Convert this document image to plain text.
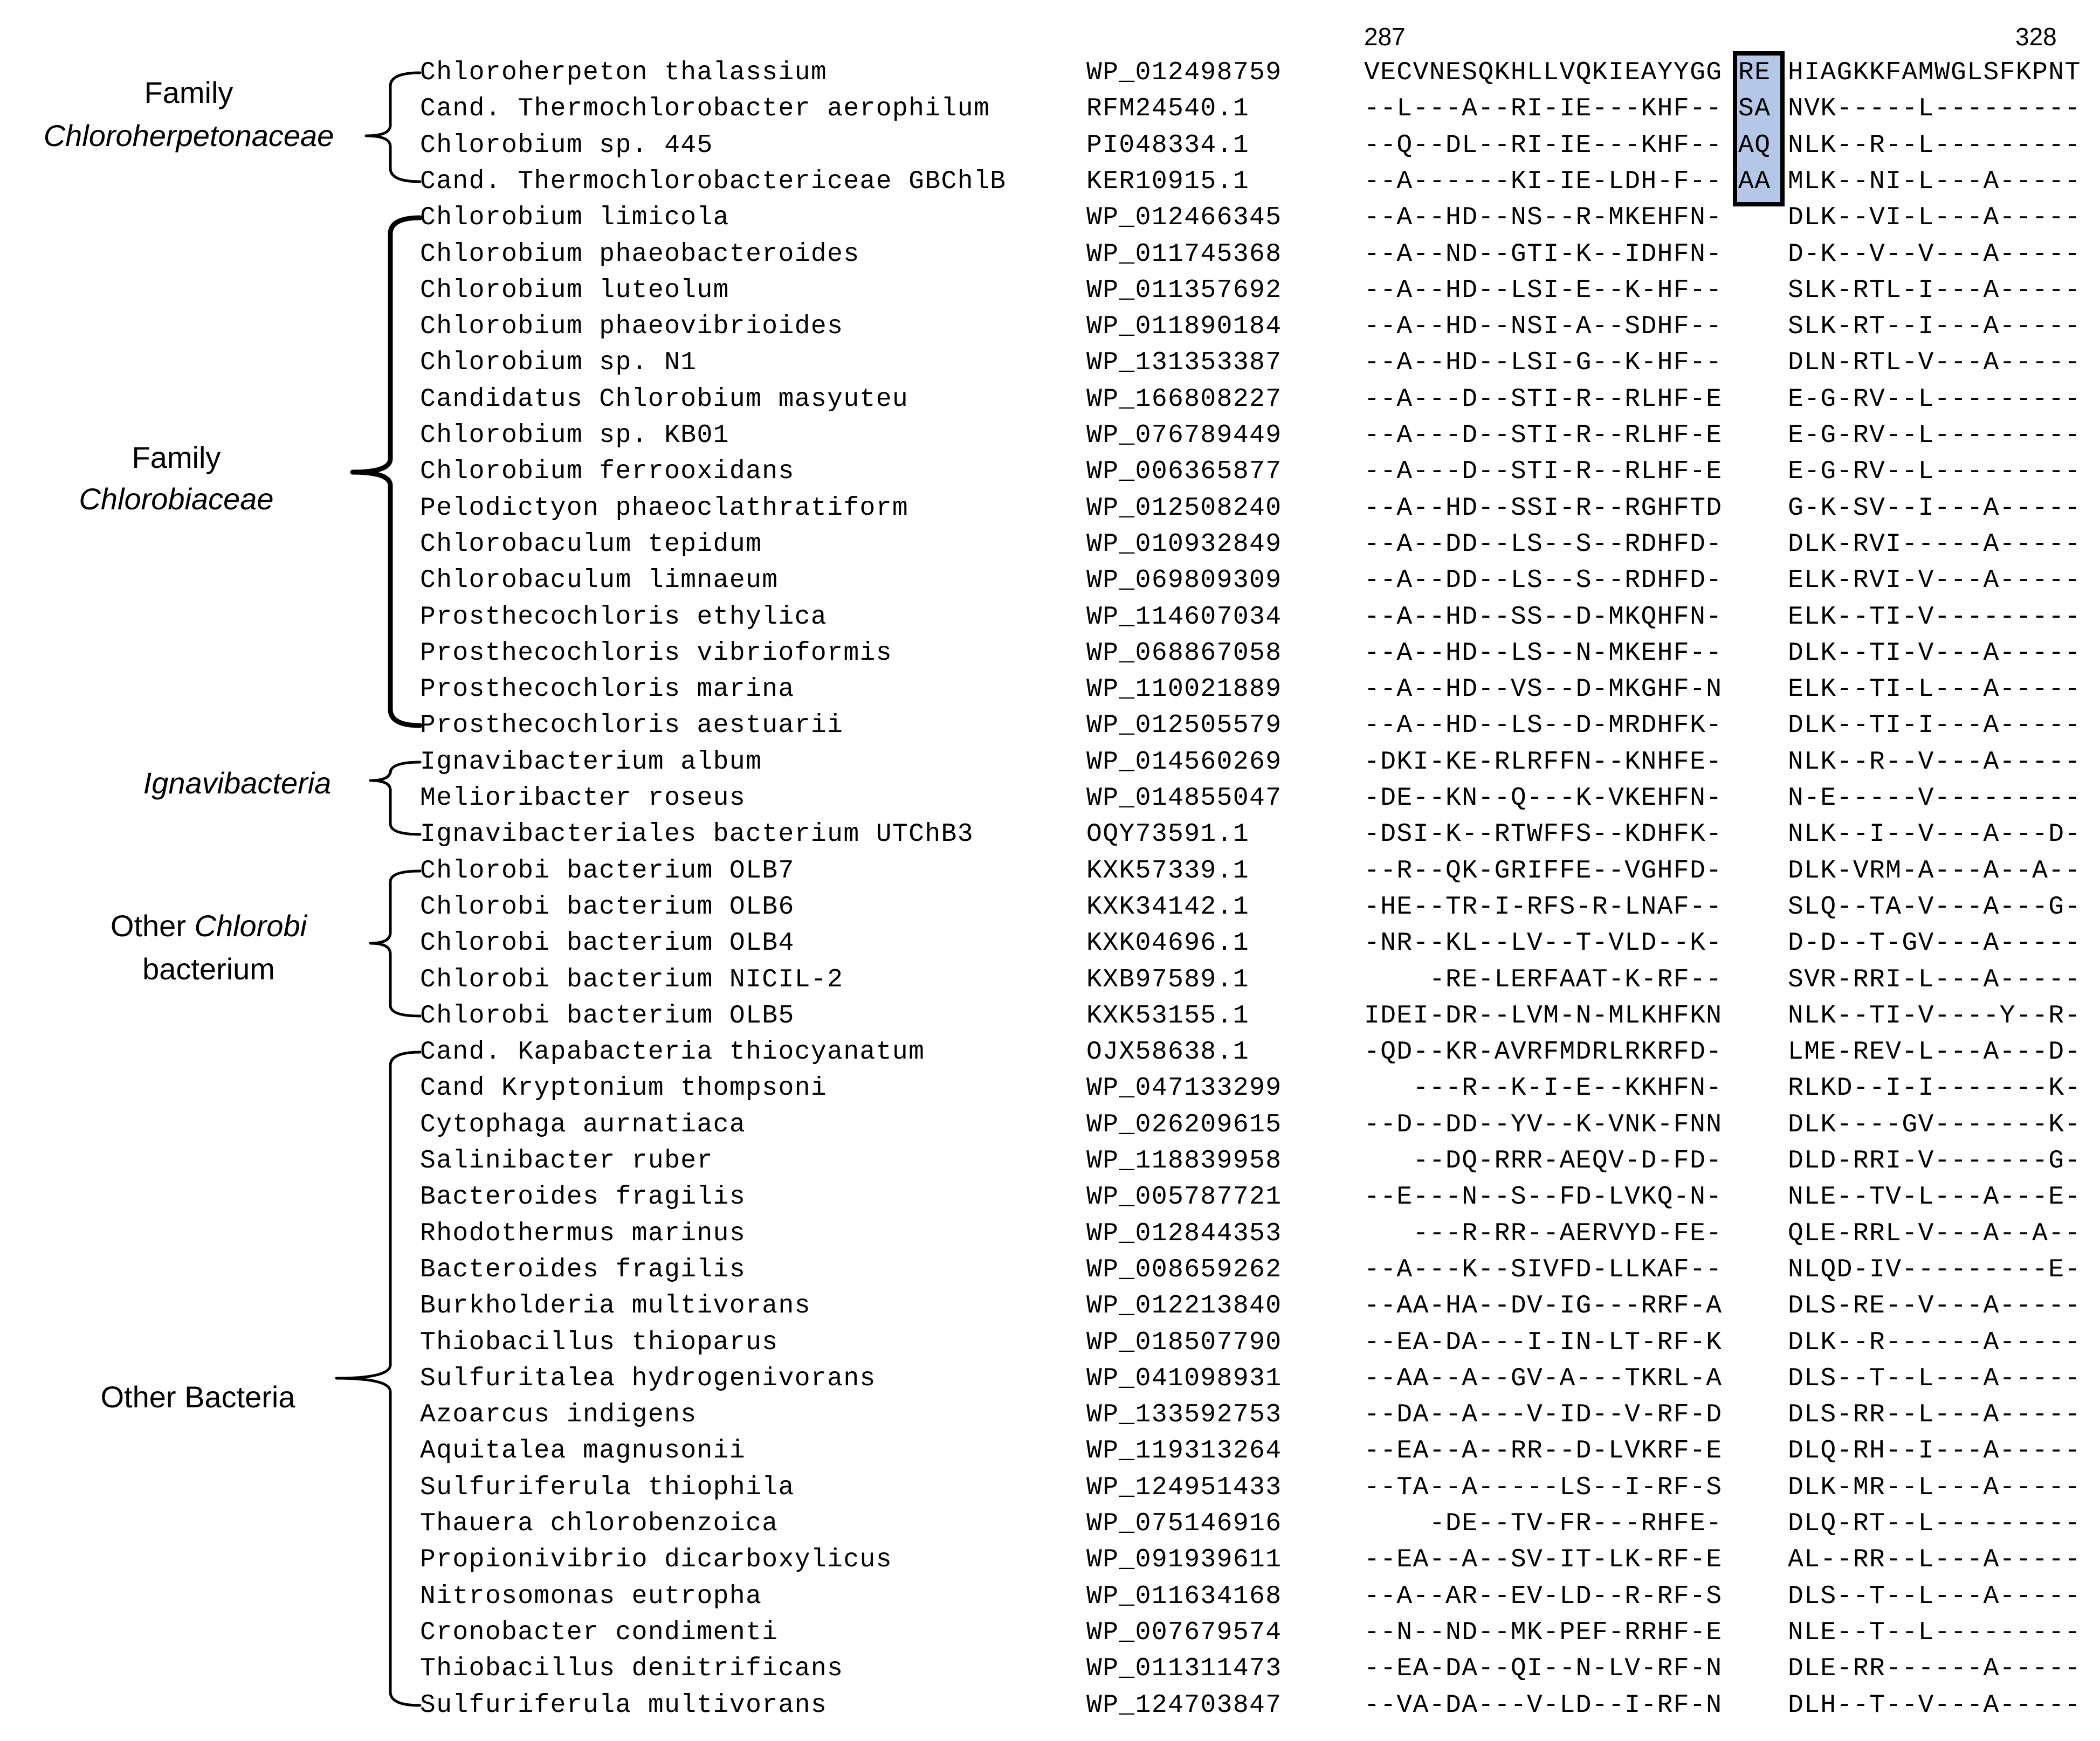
287	328
Family
Chloroherpetonaceae
Family
Chlorobiaceae
Ignavibacteria
Other Chlorobi
bacterium
Other Bacteria
Chloroherpeton thalassium	WP_012498759	VECVNESQKHLLVQKIEAYYGG RE HIAGKKFAMWGLSFKPNT
Cand. Thermochlorobacter aerophilum	RFM24540.1	--L---A--RI-IE---KHF-- SA NVK-----L---------
Chlorobium sp. 445	PI048334.1	--Q--DL--RI-IE---KHF-- AQ NLK--R--L---------
Cand. Thermochlorobactericeae GBChlB	KER10915.1	--A------KI-IE-LDH-F-- AA MLK--NI-L---A-----
Chlorobium limicola	WP_012466345	--A--HD--NS--R-MKEHFN-	DLK--VI-L---A-----
Chlorobium phaeobacteroides	WP_011745368	--A--ND--GTI-K--IDHFN-	D-K--V--V---A-----
Chlorobium luteolum	WP_011357692	--A--HD--LSI-E--K-HF--	SLK-RTL-I---A-----
Chlorobium phaeovibrioides	WP_011890184	--A--HD--NSI-A--SDHF--	SLK-RT--I---A-----
Chlorobium sp. N1	WP_131353387	--A--HD--LSI-G--K-HF--	DLN-RTL-V---A-----
Candidatus Chlorobium masyuteu	WP_166808227	--A---D--STI-R--RLHF-E	E-G-RV--L---------
Chlorobium sp. KB01	WP_076789449	--A---D--STI-R--RLHF-E	E-G-RV--L---------
Chlorobium ferrooxidans	WP_006365877	--A---D--STI-R--RLHF-E	E-G-RV--L---------
Pelodictyon phaeoclathratiform	WP_012508240	--A--HD--SSI-R--RGHFTD	G-K-SV--I---A-----
Chlorobaculum tepidum	WP_010932849	--A--DD--LS--S--RDHFD-	DLK-RVI-----A-----
Chlorobaculum limnaeum	WP_069809309	--A--DD--LS--S--RDHFD-	ELK-RVI-V---A-----
Prosthecochloris ethylica	WP_114607034	--A--HD--SS--D-MKQHFN-	ELK--TI-V---------
Prosthecochloris vibrioformis	WP_068867058	--A--HD--LS--N-MKEHF--	DLK--TI-V---A-----
Prosthecochloris marina	WP_110021889	--A--HD--VS--D-MKGHF-N	ELK--TI-L---A-----
Prosthecochloris aestuarii	WP_012505579	--A--HD--LS--D-MRDHFK-	DLK--TI-I---A-----
Ignavibacterium album	WP_014560269	-DKI-KE-RLRFFN--KNHFE-	NLK--R--V---A-----
Melioribacter roseus	WP_014855047	-DE--KN--Q---K-VKEHFN-	N-E-----V---------
Ignavibacteriales bacterium UTChB3	OQY73591.1	-DSI-K--RTWFFS--KDHFK-	NLK--I--V---A---D-
Chlorobi bacterium OLB7	KXK57339.1	--R--QK-GRIFFE--VGHFD-	DLK-VRM-A---A--A--
Chlorobi bacterium OLB6	KXK34142.1	-HE--TR-I-RFS-R-LNAF--	SLQ--TA-V---A---G-
Chlorobi bacterium OLB4	KXK04696.1	-NR--KL--LV--T-VLD--K-	D-D--T-GV---A-----
Chlorobi bacterium NICIL-2	KXB97589.1	-RE-LERFAAT-K-RF--	SVR-RRI-L---A-----
Chlorobi bacterium OLB5	KXK53155.1	IDEI-DR--LVM-N-MLKHFKN	NLK--TI-V----Y--R-
Cand. Kapabacteria thiocyanatum	OJX58638.1	-QD--KR-AVRFMDRLRKRFD-	LME-REV-L---A---D-
Cand Kryptonium thompsoni	WP_047133299	---R--K-I-E--KKHFN-	RLKD--I-I-------K-
Cytophaga aurnatiaca	WP_026209615	--D--DD--YV--K-VNK-FNN	DLK----GV-------K-
Salinibacter ruber	WP_118839958	--DQ-RRR-AEQV-D-FD-	DLD-RRI-V-------G-
Bacteroides fragilis	WP_005787721	--E---N--S--FD-LVKQ-N-	NLE--TV-L---A---E-
Rhodothermus marinus	WP_012844353	---R-RR--AERVYD-FE-	QLE-RRL-V---A--A--
Bacteroides fragilis	WP_008659262	--A---K--SIVFD-LLKAF--	NLQD-IV---------E-
Burkholderia multivorans	WP_012213840	--AA-HA--DV-IG---RRF-A	DLS-RE--V---A-----
Thiobacillus thioparus	WP_018507790	--EA-DA---I-IN-LT-RF-K	DLK--R------A-----
Sulfuritalea hydrogenivorans	WP_041098931	--AA--A--GV-A---TKRL-A	DLS--T--L---A-----
Azoarcus indigens	WP_133592753	--DA--A---V-ID--V-RF-D	DLS-RR--L---A-----
Aquitalea magnusonii	WP_119313264	--EA--A--RR--D-LVKRF-E	DLQ-RH--I---A-----
Sulfuriferula thiophila	WP_124951433	--TA--A-----LS--I-RF-S	DLK-MR--L---A-----
Thauera chlorobenzoica	WP_075146916	-DE--TV-FR---RHFE-	DLQ-RT--L---------
Propionivibrio dicarboxylicus	WP_091939611	--EA--A--SV-IT-LK-RF-E	AL--RR--L---A-----
Nitrosomonas eutropha	WP_011634168	--A--AR--EV-LD--R-RF-S	DLS--T--L---A-----
Cronobacter condimenti	WP_007679574	--N--ND--MK-PEF-RRHF-E	NLE--T--L---------
Thiobacillus denitrificans	WP_011311473	--EA-DA--QI--N-LV-RF-N	DLE-RR------A-----
Sulfuriferula multivorans	WP_124703847	--VA-DA---V-LD--I-RF-N	DLH--T--V---A-----
